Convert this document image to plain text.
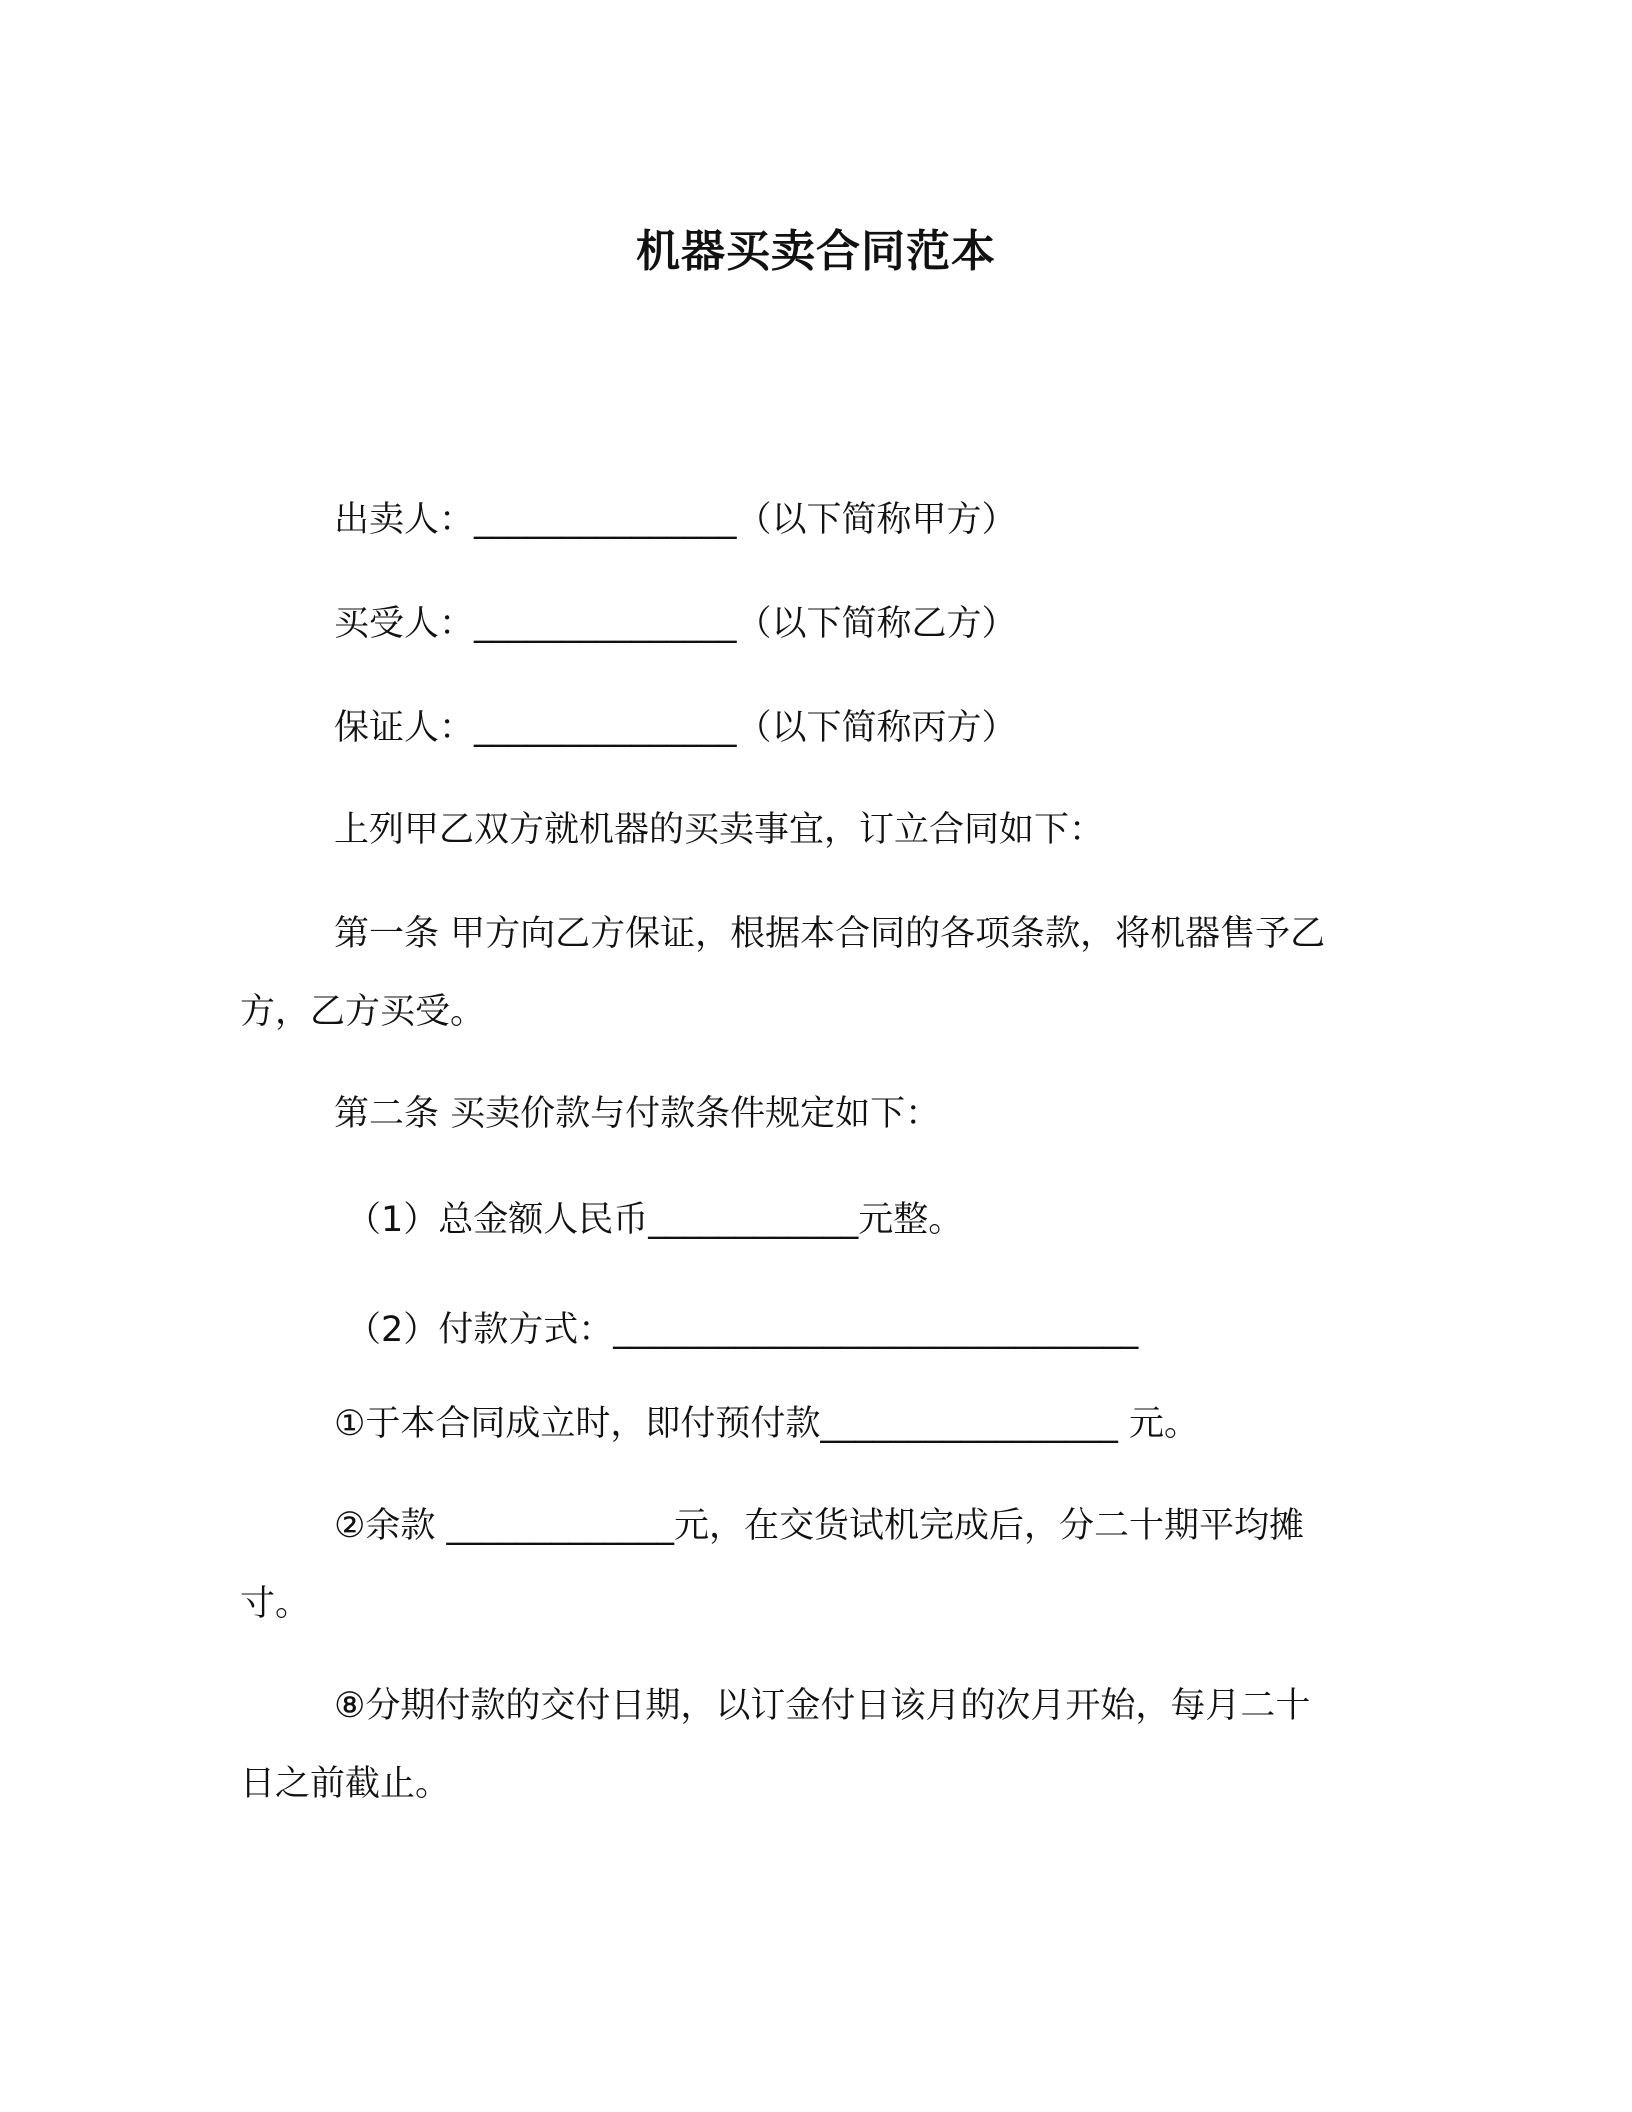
机器买卖合同范本
出卖人：_______________（以下简称甲方）
买受人：_______________（以下简称乙方）
保证人：_______________（以下简称丙方）
上列甲乙双方就机器的买卖事宜，订立合同如下：
第一条 甲方向乙方保证，根据本合同的各项条款，将机器售予乙
方，乙方买受。
第二条 买卖价款与付款条件规定如下：
（1）总金额人民币____________元整。
（2）付款方式：______________________________
①于本合同成立时，即付预付款_________________ 元。
②余款 _____________元，在交货试机完成后，分二十期平均摊
寸。
⑧分期付款的交付日期，以订金付日该月的次月开始，每月二十
日之前截止。
